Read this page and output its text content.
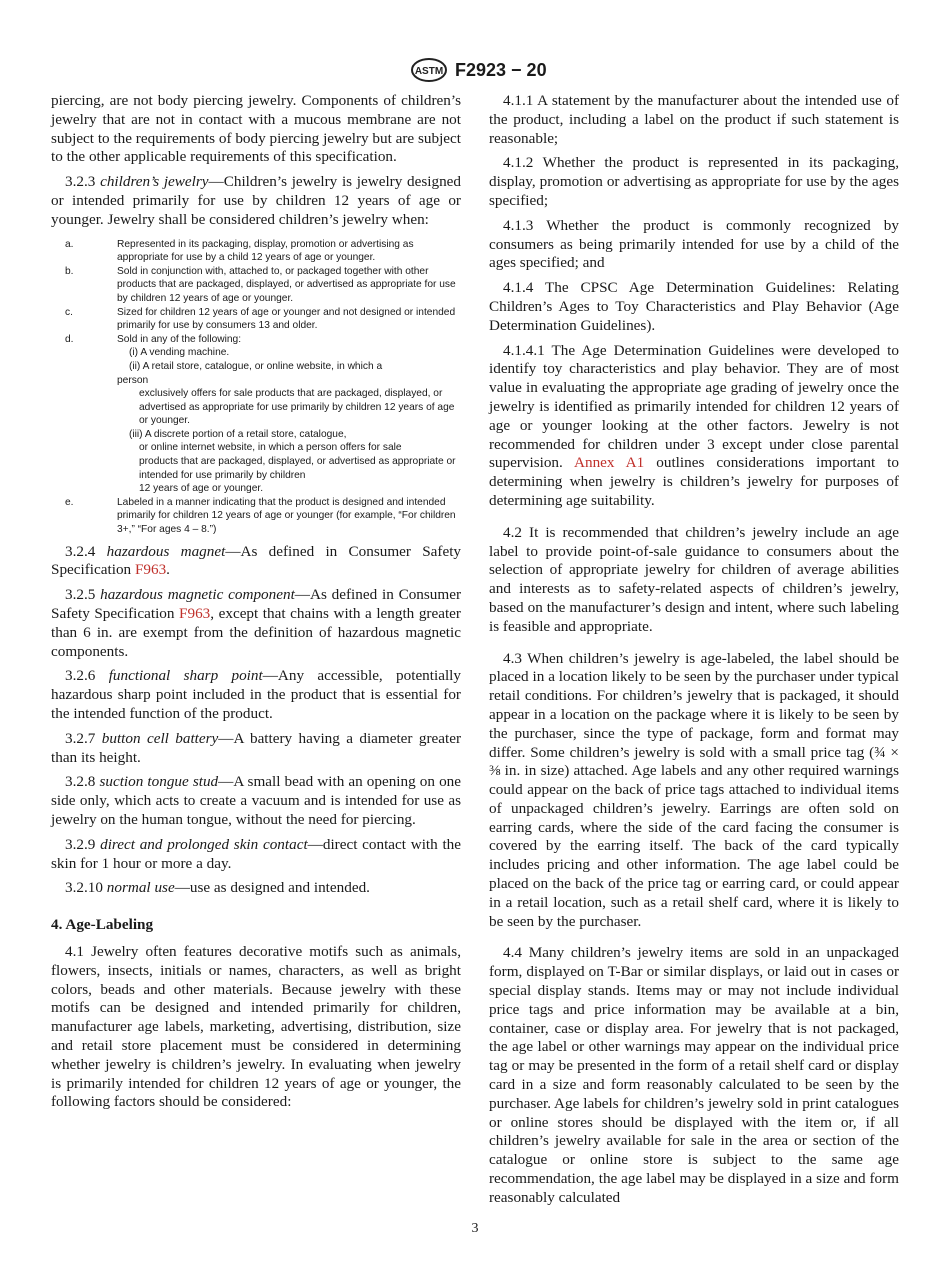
ASTM F2923 − 20

piercing, are not body piercing jewelry. Components of children’s jewelry that are not in contact with a mucous membrane are not subject to the requirements of body piercing jewelry but are subject to the other applicable requirements of this specification.

3.2.3 children’s jewelry—Children’s jewelry is jewelry designed or intended primarily for use by children 12 years of age or younger. Jewelry shall be considered children’s jewelry when:

a.	Represented in its packaging, display, promotion or advertising as appropriate for use by a child 12 years of age or younger.
b.	Sold in conjunction with, attached to, or packaged together with other products that are packaged, displayed, or advertised as appropriate for use by children 12 years of age or younger.
c.	Sized for children 12 years of age or younger and not designed or intended primarily for use by consumers 13 and older.
d.	Sold in any of the following:
(i) A vending machine.
(ii) A retail store, catalogue, or online website, in which a
person
exclusively offers for sale products that are packaged, displayed, or advertised as appropriate for use primarily by children 12 years of age or younger.
(iii) A discrete portion of a retail store, catalogue,
or online internet website, in which a person offers for sale
products that are packaged, displayed, or advertised as appropriate or intended for use primarily by children
12 years of age or younger.
e.	Labeled in a manner indicating that the product is designed and intended primarily for children 12 years of age or younger (for example, “For children 3+,” “For ages 4 – 8.”)

3.2.4 hazardous magnet—As defined in Consumer Safety Specification F963.

3.2.5 hazardous magnetic component—As defined in Consumer Safety Specification F963, except that chains with a length greater than 6 in. are exempt from the definition of hazardous magnetic components.

3.2.6 functional sharp point—Any accessible, potentially hazardous sharp point included in the product that is essential for the intended function of the product.

3.2.7 button cell battery—A battery having a diameter greater than its height.

3.2.8 suction tongue stud—A small bead with an opening on one side only, which acts to create a vacuum and is intended for use as jewelry on the human tongue, without the need for piercing.

3.2.9 direct and prolonged skin contact—direct contact with the skin for 1 hour or more a day.

3.2.10 normal use—use as designed and intended.

4. Age-Labeling

4.1 Jewelry often features decorative motifs such as animals, flowers, insects, initials or names, characters, as well as bright colors, beads and other materials. Because jewelry with these motifs can be designed and intended primarily for children, manufacturer age labels, marketing, advertising, distribution, size and retail store placement must be considered in determining whether jewelry is children’s jewelry. In evaluating when jewelry is primarily intended for children 12 years of age or younger, the following factors should be considered:

4.1.1 A statement by the manufacturer about the intended use of the product, including a label on the product if such statement is reasonable;

4.1.2 Whether the product is represented in its packaging, display, promotion or advertising as appropriate for use by the ages specified;

4.1.3 Whether the product is commonly recognized by consumers as being primarily intended for use by a child of the ages specified; and

4.1.4 The CPSC Age Determination Guidelines: Relating Children’s Ages to Toy Characteristics and Play Behavior (Age Determination Guidelines).

4.1.4.1 The Age Determination Guidelines were developed to identify toy characteristics and play behavior. They are of most value in evaluating the appropriate age grading of jewelry once the jewelry is identified as primarily intended for children 12 years of age or younger looking at the other factors. Jewelry is not recommended for children under 3 except under close parental supervision. Annex A1 outlines considerations important to determining when jewelry is children’s jewelry for purposes of determining age suitability.

4.2 It is recommended that children’s jewelry include an age label to provide point-of-sale guidance to consumers about the selection of appropriate jewelry for children of average abilities and interests as to safety-related aspects of children’s jewelry, based on the manufacturer’s design and intent, where such labeling is feasible and appropriate.

4.3 When children’s jewelry is age-labeled, the label should be placed in a location likely to be seen by the purchaser under typical retail conditions. For children’s jewelry that is packaged, it should appear in a location on the package where it is likely to be seen by the purchaser, since the type of package, form and format may differ. Some children’s jewelry is sold with a small price tag (¾ × ⅜ in. in size) attached. Age labels and any other required warnings could appear on the back of price tags attached to individual items of unpackaged children’s jewelry. Earrings are often sold on earring cards, where the side of the card facing the consumer is covered by the earring itself. The back of the card typically includes pricing and other information. The age label could be placed on the back of the price tag or earring card, or could appear in a retail location, such as a retail shelf card, where it is likely to be seen by the purchaser.

4.4 Many children’s jewelry items are sold in an unpackaged form, displayed on T-Bar or similar displays, or laid out in cases or special display stands. Items may or may not include individual price tags and price information may be available at a bin, container, case or display area. For jewelry that is not packaged, the age label or other warnings may appear on the individual price tag or may be presented in the form of a retail shelf card or display card in a size and form reasonably calculated to be seen by the purchaser. Age labels for children’s jewelry sold in print catalogues or online stores should be displayed with the item or, if all children’s jewelry available for sale in the area or section of the catalogue or online store is subject to the same age recommendation, the age label may be displayed in a size and form reasonably calculated

3
